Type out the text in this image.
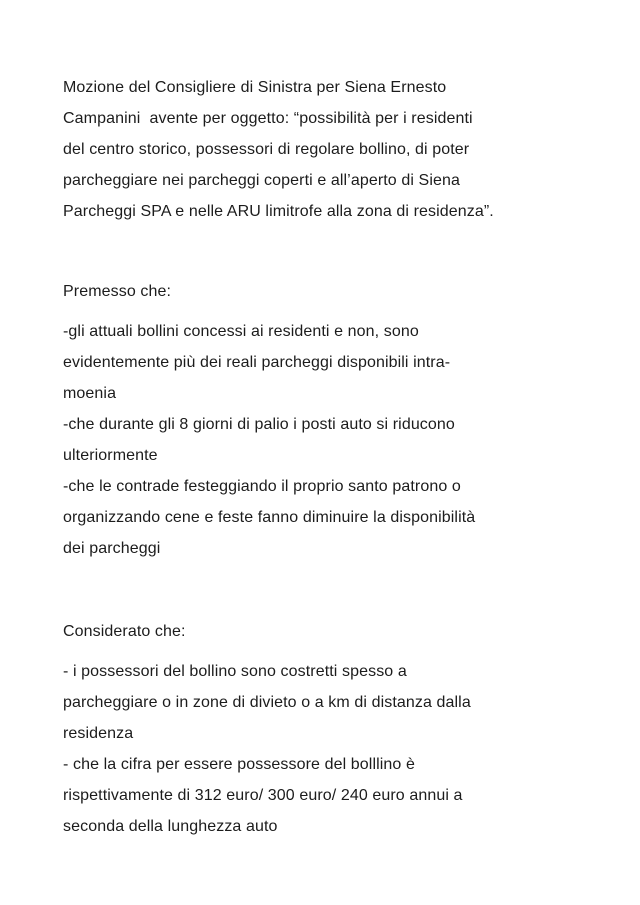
Mozione del Consigliere di Sinistra per Siena Ernesto
Campanini  avente per oggetto: “possibilità per i residenti
del centro storico, possessori di regolare bollino, di poter
parcheggiare nei parcheggi coperti e all’aperto di Siena
Parcheggi SPA e nelle ARU limitrofe alla zona di residenza”.
Premesso che:
-gli attuali bollini concessi ai residenti e non, sono
evidentemente più dei reali parcheggi disponibili intra-
moenia
-che durante gli 8 giorni di palio i posti auto si riducono
ulteriormente
-che le contrade festeggiando il proprio santo patrono o
organizzando cene e feste fanno diminuire la disponibilità
dei parcheggi
Considerato che:
- i possessori del bollino sono costretti spesso a
parcheggiare o in zone di divieto o a km di distanza dalla
residenza
- che la cifra per essere possessore del bolllino è
rispettivamente di 312 euro/ 300 euro/ 240 euro annui a
seconda della lunghezza auto
